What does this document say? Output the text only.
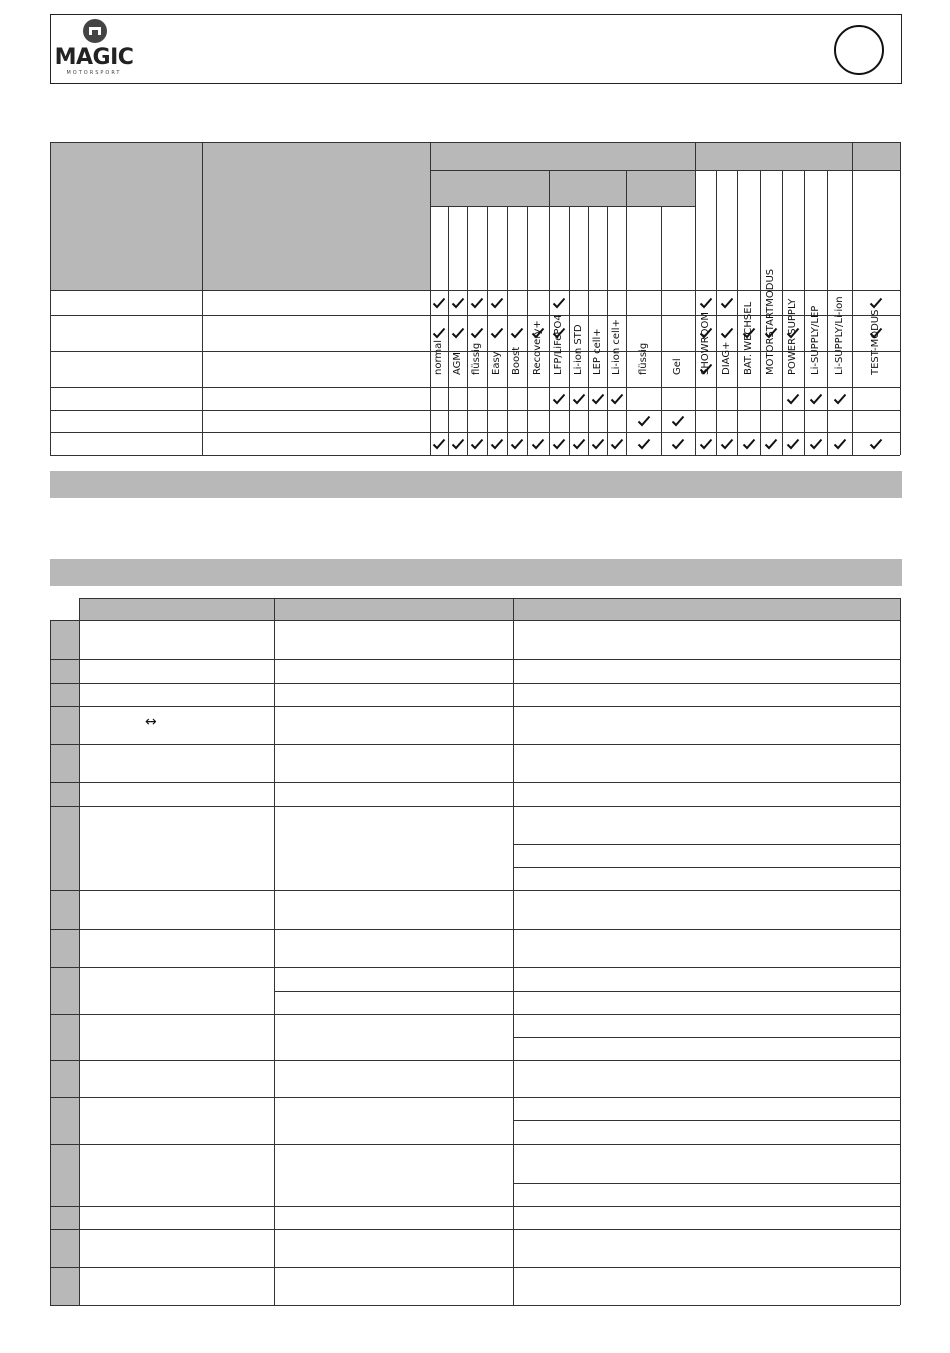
MAGIC
MOTORSPORT
normal AGM flüssig Easy Boost Recovery+ LFP/LiFePO4 Li-ion STD LEP cell+ Li-ion cell+ flüssig Gel SHOWROOM DIAG+ BAT. WECHSEL MOTORSTARTMODUS POWER SUPPLY Li-SUPPLY/LEP Li-SUPPLY/Li-ion	TEST-MODUS
↔
